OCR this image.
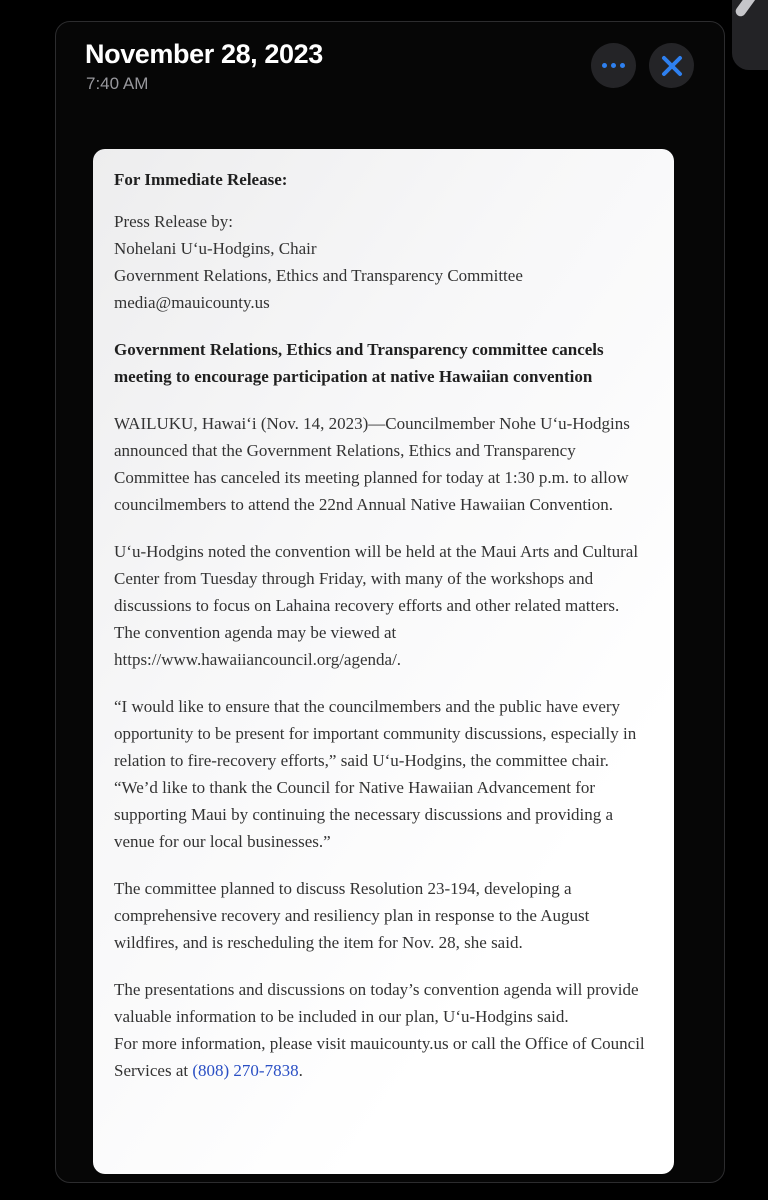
November 28, 2023
7:40 AM

For Immediate Release:

Press Release by:
Nohelani Uʻu-Hodgins, Chair
Government Relations, Ethics and Transparency Committee
media@mauicounty.us

Government Relations, Ethics and Transparency committee cancels meeting to encourage participation at native Hawaiian convention

WAILUKU, Hawaiʻi (Nov. 14, 2023)—Councilmember Nohe Uʻu-Hodgins announced that the Government Relations, Ethics and Transparency Committee has canceled its meeting planned for today at 1:30 p.m. to allow councilmembers to attend the 22nd Annual Native Hawaiian Convention.

Uʻu-Hodgins noted the convention will be held at the Maui Arts and Cultural Center from Tuesday through Friday, with many of the workshops and discussions to focus on Lahaina recovery efforts and other related matters. The convention agenda may be viewed at https://www.hawaiiancouncil.org/agenda/.

“I would like to ensure that the councilmembers and the public have every opportunity to be present for important community discussions, especially in relation to fire-recovery efforts,” said Uʻu-Hodgins, the committee chair. “We’d like to thank the Council for Native Hawaiian Advancement for supporting Maui by continuing the necessary discussions and providing a venue for our local businesses.”

The committee planned to discuss Resolution 23-194, developing a comprehensive recovery and resiliency plan in response to the August wildfires, and is rescheduling the item for Nov. 28, she said.

The presentations and discussions on today’s convention agenda will provide valuable information to be included in our plan, Uʻu-Hodgins said.

For more information, please visit mauicounty.us or call the Office of Council Services at (808) 270-7838.
